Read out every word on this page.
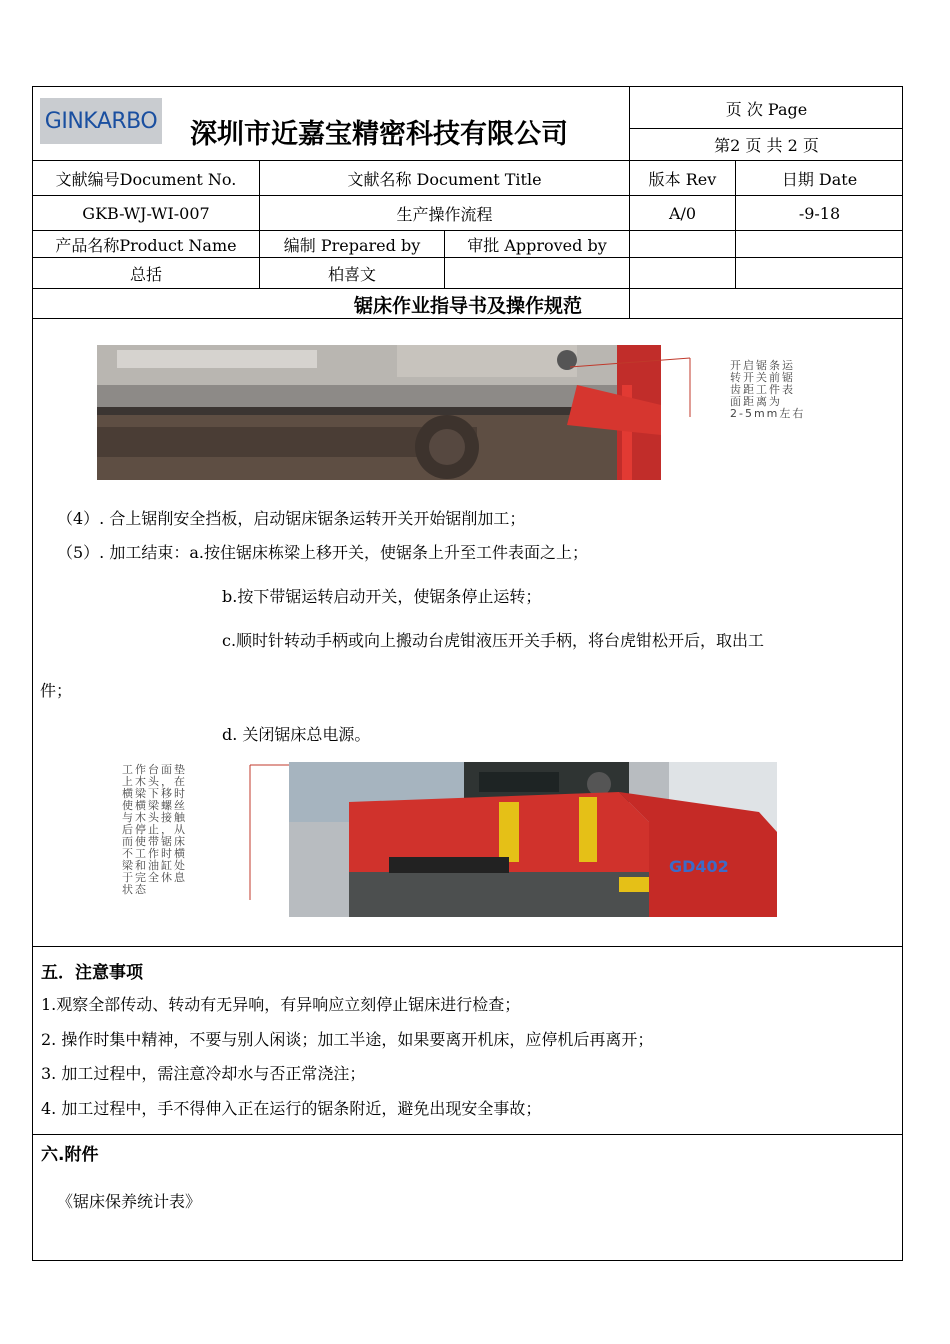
GINKARBO 深圳市近嘉宝精密科技有限公司
页 次 Page
第2 页 共 2 页
文献编号Document No.	文献名称 Document Title	版本 Rev	日期 Date
GKB-WJ-WI-007	生产操作流程	A/0	-9-18
产品名称Product Name	编制 Prepared by	审批 Approved by
总括	柏喜文
锯床作业指导书及操作规范
开启锯条运
转开关前锯
齿距工件表
面距离为
2-5mm左右
（4）. 合上锯削安全挡板，启动锯床锯条运转开关开始锯削加工；
（5）. 加工结束：a.按住锯床栋梁上移开关，使锯条上升至工件表面之上；
b.按下带锯运转启动开关，使锯条停止运转；
c.顺时针转动手柄或向上搬动台虎钳液压开关手柄，将台虎钳松开后，取出工
件；
d. 关闭锯床总电源。
工作台面垫
上木头，在
横梁下移时
使横梁螺丝
与木头接触
后停止，从
而使带锯床
不工作时横
梁和油缸处
于完全休息
状态
GD402
五．注意事项
1.观察全部传动、转动有无异响，有异响应立刻停止锯床进行检查；
2. 操作时集中精神，不要与别人闲谈；加工半途，如果要离开机床，应停机后再离开；
3. 加工过程中，需注意冷却水与否正常浇注；
4. 加工过程中，手不得伸入正在运行的锯条附近，避免出现安全事故；
六.附件
《锯床保养统计表》
